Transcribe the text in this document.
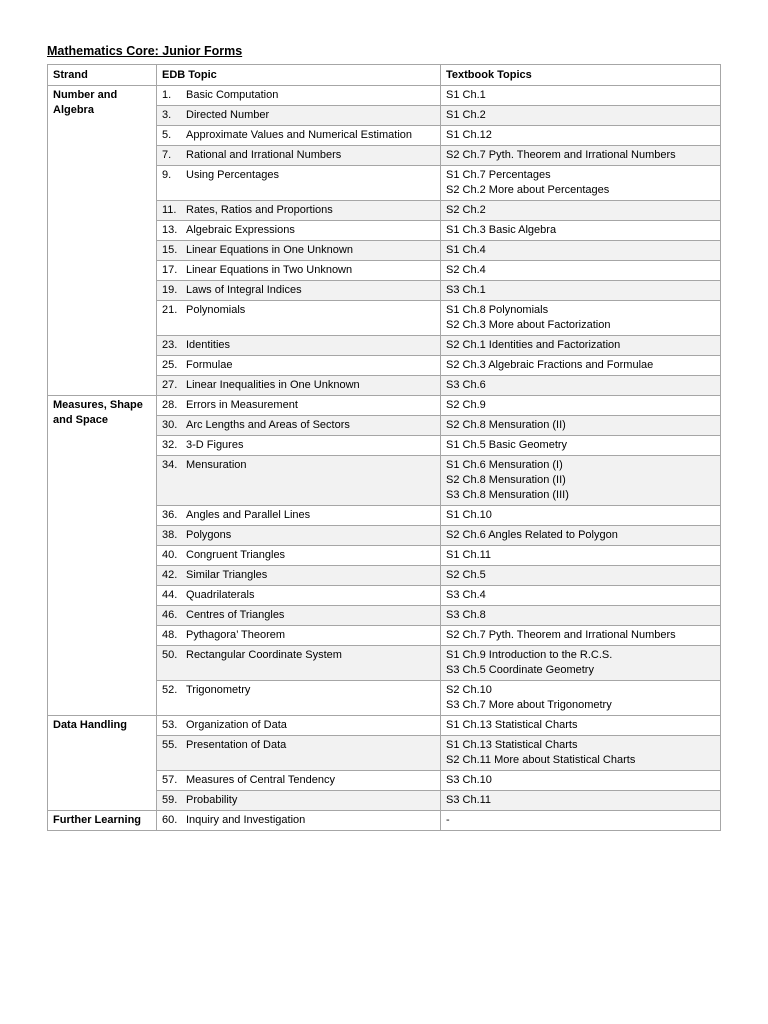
Mathematics Core: Junior Forms
Strand	EDB Topic	Textbook Topics
Number and Algebra	1. Basic Computation	S1 Ch.1

	3. Directed Number	S1 Ch.2

	5. Approximate Values and Numerical Estimation	S1 Ch.12

	7. Rational and Irrational Numbers	S2 Ch.7 Pyth. Theorem and Irrational Numbers

	9. Using Percentages	S1 Ch.7 Percentages
S2 Ch.2 More about Percentages

	11. Rates, Ratios and Proportions	S2 Ch.2

	13. Algebraic Expressions	S1 Ch.3 Basic Algebra

	15. Linear Equations in One Unknown	S1 Ch.4

	17. Linear Equations in Two Unknown	S2 Ch.4

	19. Laws of Integral Indices	S3 Ch.1

	21. Polynomials	S1 Ch.8 Polynomials
S2 Ch.3 More about Factorization

	23. Identities	S2 Ch.1 Identities and Factorization

	25. Formulae	S2 Ch.3 Algebraic Fractions and Formulae

	27. Linear Inequalities in One Unknown	S3 Ch.6

Measures, Shape and Space	28. Errors in Measurement	S2 Ch.9

	30. Arc Lengths and Areas of Sectors	S2 Ch.8 Mensuration (II)

	32. 3-D Figures	S1 Ch.5 Basic Geometry

	34. Mensuration	S1 Ch.6 Mensuration (I)
S2 Ch.8 Mensuration (II)
S3 Ch.8 Mensuration (III)

	36. Angles and Parallel Lines	S1 Ch.10

	38. Polygons	S2 Ch.6 Angles Related to Polygon

	40. Congruent Triangles	S1 Ch.11

	42. Similar Triangles	S2 Ch.5

	44. Quadrilaterals	S3 Ch.4

	46. Centres of Triangles	S3 Ch.8

	48. Pythagora’ Theorem	S2 Ch.7 Pyth. Theorem and Irrational Numbers

	50. Rectangular Coordinate System	S1 Ch.9 Introduction to the R.C.S.
S3 Ch.5 Coordinate Geometry

	52. Trigonometry	S2 Ch.10
S3 Ch.7 More about Trigonometry

Data Handling	53. Organization of Data	S1 Ch.13 Statistical Charts

	55. Presentation of Data	S1 Ch.13 Statistical Charts
S2 Ch.11 More about Statistical Charts

	57. Measures of Central Tendency	S3 Ch.10

	59. Probability	S3 Ch.11

Further Learning	60. Inquiry and Investigation	-
